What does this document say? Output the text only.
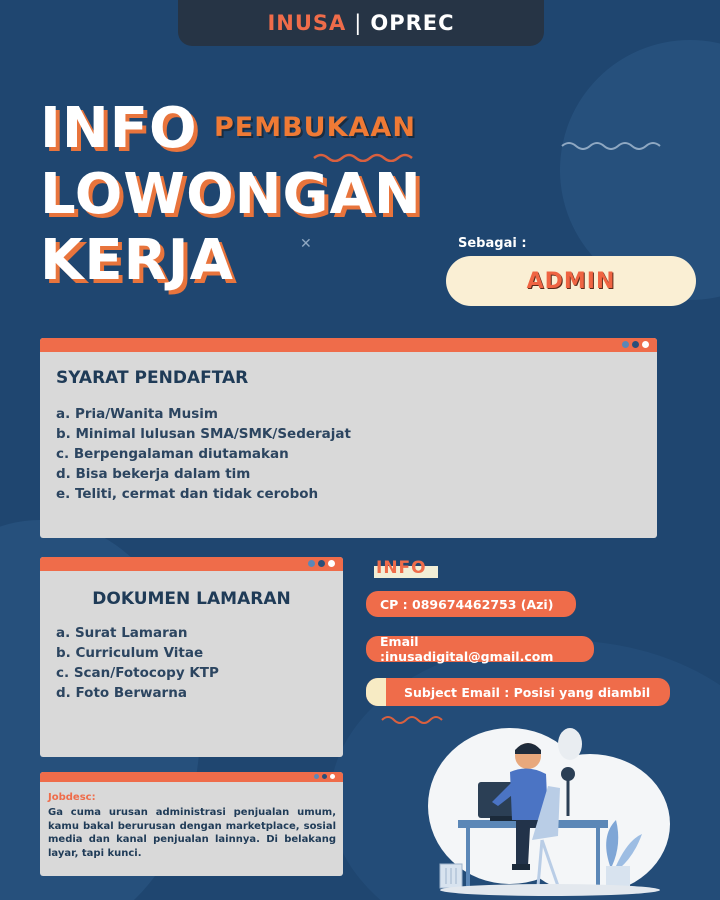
INUSA | OPREC
INFO PEMBUKAAN
LOWONGAN
KERJA	✕	Sebagai :
ADMIN
SYARAT PENDAFTAR
a. Pria/Wanita Musim
b. Minimal lulusan SMA/SMK/Sederajat
c. Berpengalaman diutamakan
d. Bisa bekerja dalam tim
e. Teliti, cermat dan tidak ceroboh
DOKUMEN LAMARAN
a. Surat Lamaran
b. Curriculum Vitae
c. Scan/Fotocopy KTP
d. Foto Berwarna
Jobdesc:
Ga cuma urusan administrasi penjualan umum, kamu bakal berurusan dengan marketplace, sosial media dan kanal penjualan lainnya. Di belakang layar, tapi kunci.
INFO
CP : 089674462753 (Azi)
Email :inusadigital@gmail.com
Subject Email : Posisi yang diambil
